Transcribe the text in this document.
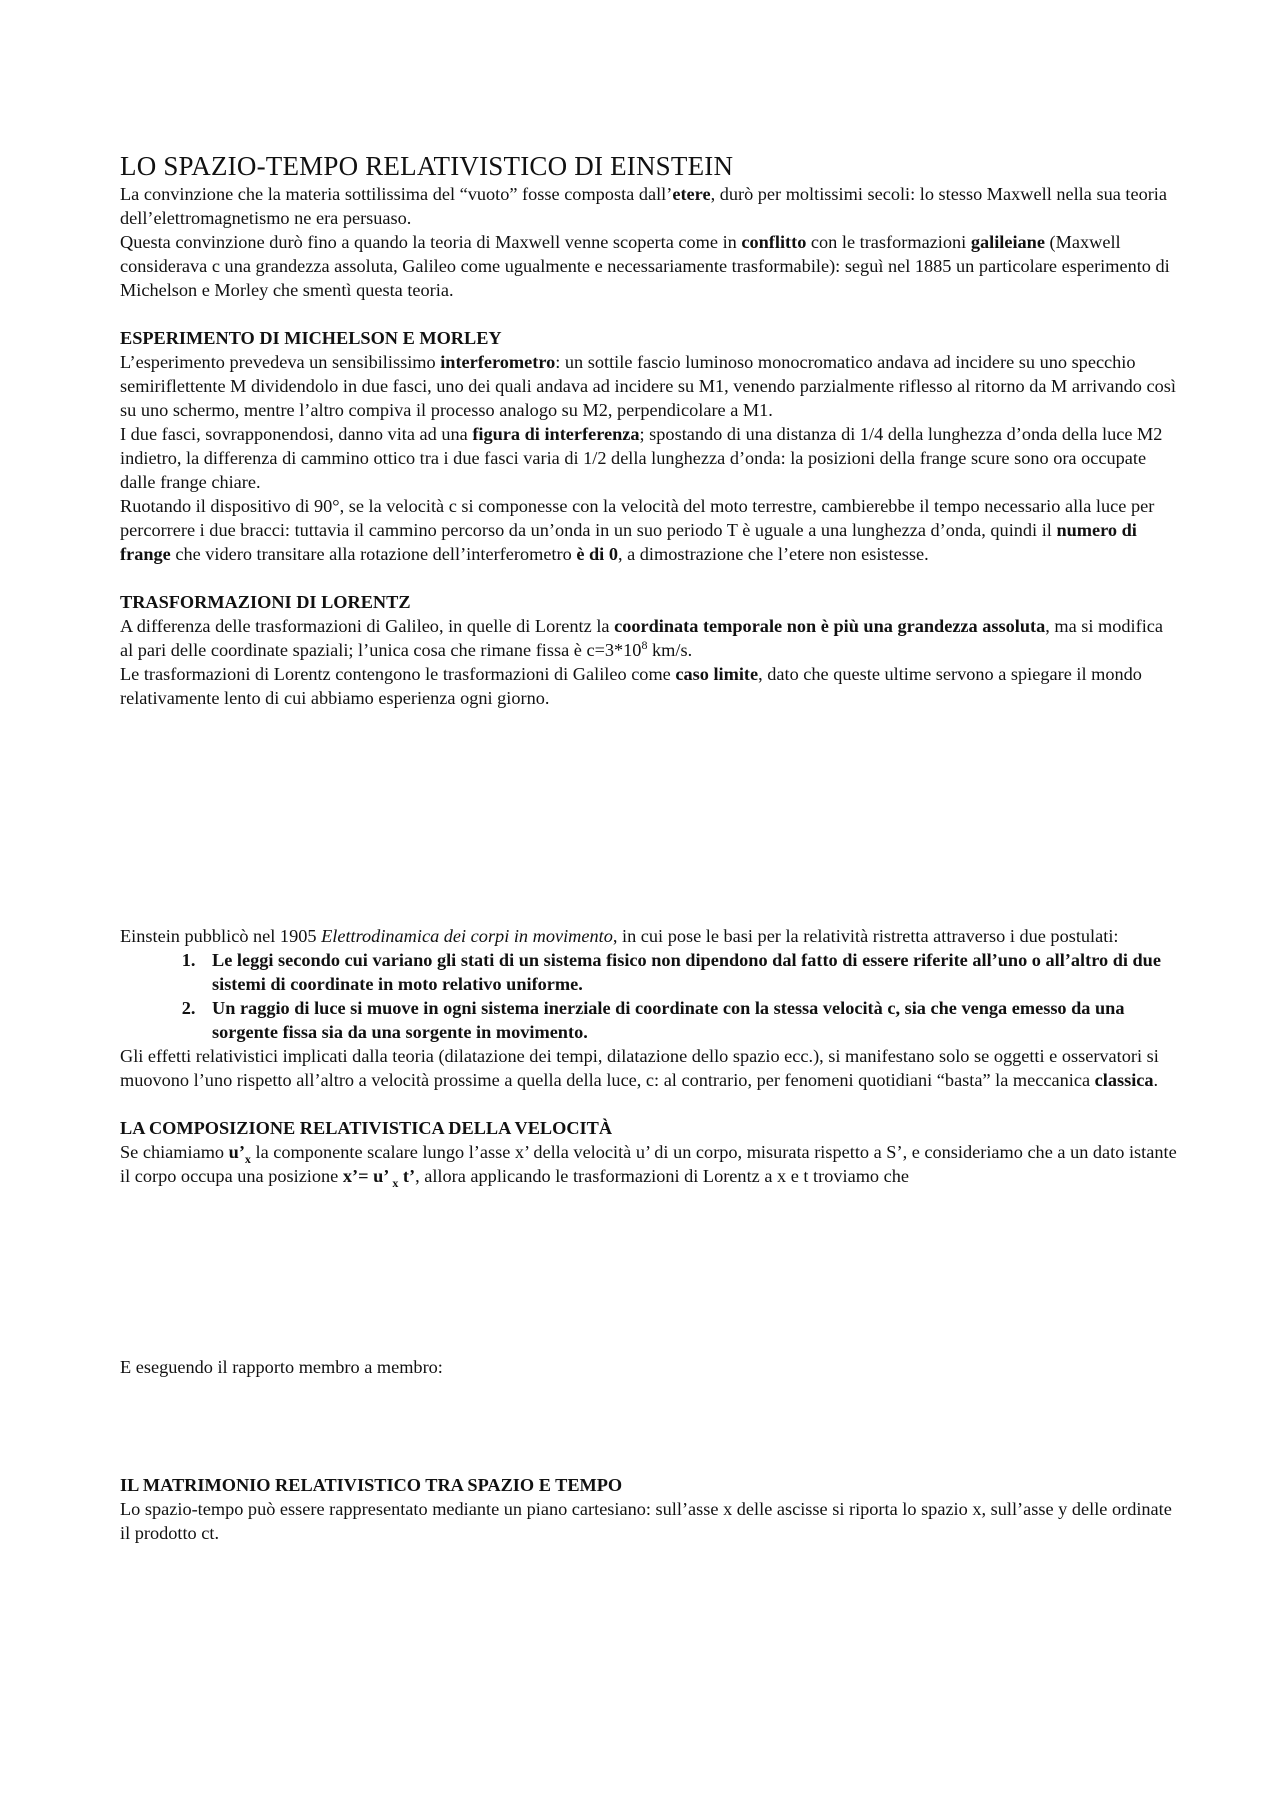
LO SPAZIO-TEMPO RELATIVISTICO DI EINSTEIN

La convinzione che la materia sottilissima del “vuoto” fosse composta dall’etere, durò per moltissimi secoli: lo stesso Maxwell nella sua teoria dell’elettromagnetismo ne era persuaso.

Questa convinzione durò fino a quando la teoria di Maxwell venne scoperta come in conflitto con le trasformazioni galileiane (Maxwell considerava c una grandezza assoluta, Galileo come ugualmente e necessariamente trasformabile): seguì nel 1885 un particolare esperimento di Michelson e Morley che smentì questa teoria.

ESPERIMENTO DI MICHELSON E MORLEY

L’esperimento prevedeva un sensibilissimo interferometro: un sottile fascio luminoso monocromatico andava ad incidere su uno specchio semiriflettente M dividendolo in due fasci, uno dei quali andava ad incidere su M1, venendo parzialmente riflesso al ritorno da M arrivando così su uno schermo, mentre l’altro compiva il processo analogo su M2, perpendicolare a M1.

I due fasci, sovrapponendosi, danno vita ad una figura di interferenza; spostando di una distanza di 1/4 della lunghezza d’onda della luce M2 indietro, la differenza di cammino ottico tra i due fasci varia di 1/2 della lunghezza d’onda: la posizioni della frange scure sono ora occupate dalle frange chiare.

Ruotando il dispositivo di 90°, se la velocità c si componesse con la velocità del moto terrestre, cambierebbe il tempo necessario alla luce per percorrere i due bracci: tuttavia il cammino percorso da un’onda in un suo periodo T è uguale a una lunghezza d’onda, quindi il numero di frange che videro transitare alla rotazione dell’interferometro è di 0, a dimostrazione che l’etere non esistesse.

TRASFORMAZIONI DI LORENTZ

A differenza delle trasformazioni di Galileo, in quelle di Lorentz la coordinata temporale non è più una grandezza assoluta, ma si modifica al pari delle coordinate spaziali; l’unica cosa che rimane fissa è $c=3*10^8$ km/s.

Le trasformazioni di Lorentz contengono le trasformazioni di Galileo come caso limite, dato che queste ultime servono a spiegare il mondo relativamente lento di cui abbiamo esperienza ogni giorno.

Einstein pubblicò nel 1905 Elettrodinamica dei corpi in movimento, in cui pose le basi per la relatività ristretta attraverso i due postulati:

1. Le leggi secondo cui variano gli stati di un sistema fisico non dipendono dal fatto di essere riferite all’uno o all’altro di due sistemi di coordinate in moto relativo uniforme.
2. Un raggio di luce si muove in ogni sistema inerziale di coordinate con la stessa velocità c, sia che venga emesso da una sorgente fissa sia da una sorgente in movimento.

Gli effetti relativistici implicati dalla teoria (dilatazione dei tempi, dilatazione dello spazio ecc.), si manifestano solo se oggetti e osservatori si muovono l’uno rispetto all’altro a velocità prossime a quella della luce, c: al contrario, per fenomeni quotidiani “basta” la meccanica classica.

LA COMPOSIZIONE RELATIVISTICA DELLA VELOCITÀ

Se chiamiamo $u’_x$ la componente scalare lungo l’asse x’ della velocità u’ di un corpo, misurata rispetto a S’, e consideriamo che a un dato istante il corpo occupa una posizione x’= u’ $_x$ t’, allora applicando le trasformazioni di Lorentz a x e t troviamo che

E eseguendo il rapporto membro a membro:

IL MATRIMONIO RELATIVISTICO TRA SPAZIO E TEMPO

Lo spazio-tempo può essere rappresentato mediante un piano cartesiano: sull’asse x delle ascisse si riporta lo spazio x, sull’asse y delle ordinate il prodotto ct.
